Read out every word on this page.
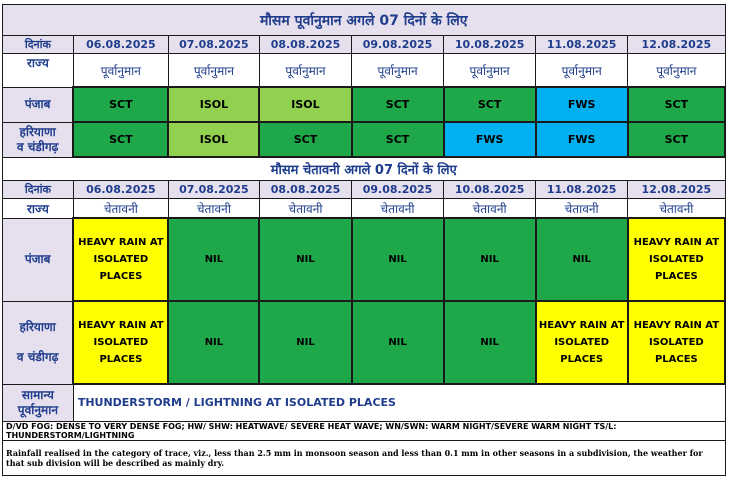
मौसम पूर्वानुमान अगले 07 दिनों के लिए							
दिनांक	06.08.2025	07.08.2025	08.08.2025	09.08.2025	10.08.2025	11.08.2025	12.08.2025
राज्य	पूर्वानुमान	पूर्वानुमान	पूर्वानुमान	पूर्वानुमान	पूर्वानुमान	पूर्वानुमान	पूर्वानुमान
पंजाब	SCT	ISOL	ISOL	SCT	SCT	FWS	SCT
हरियाणा
व चंडीगढ़	SCT	ISOL	SCT	SCT	FWS	FWS	SCT
मौसम चेतावनी अगले 07 दिनों के लिए							
दिनांक	06.08.2025	07.08.2025	08.08.2025	09.08.2025	10.08.2025	11.08.2025	12.08.2025
राज्य	चेतावनी	चेतावनी	चेतावनी	चेतावनी	चेतावनी	चेतावनी	चेतावनी
पंजाब	HEAVY RAIN AT
ISOLATED
PLACES	NIL	NIL	NIL	NIL	NIL	HEAVY RAIN AT
ISOLATED PLACES
हरियाणा

व चंडीगढ़	HEAVY RAIN AT
ISOLATED
PLACES	NIL	NIL	NIL	NIL	HEAVY RAIN AT
ISOLATED
PLACES	HEAVY RAIN AT
ISOLATED PLACES
सामान्य
पूर्वानुमान	THUNDERSTORM / LIGHTNING AT ISOLATED PLACES						
D/VD FOG: DENSE TO VERY DENSE FOG; HW/ SHW: HEATWAVE/ SEVERE HEAT WAVE; WN/SWN: WARM NIGHT/SEVERE WARM NIGHT TS/L: THUNDERSTORM/LIGHTNING							
Rainfall realised in the category of trace, viz., less than 2.5 mm in monsoon season and less than 0.1 mm in other seasons in a subdivision, the weather for that sub division will be described as mainly dry.							
